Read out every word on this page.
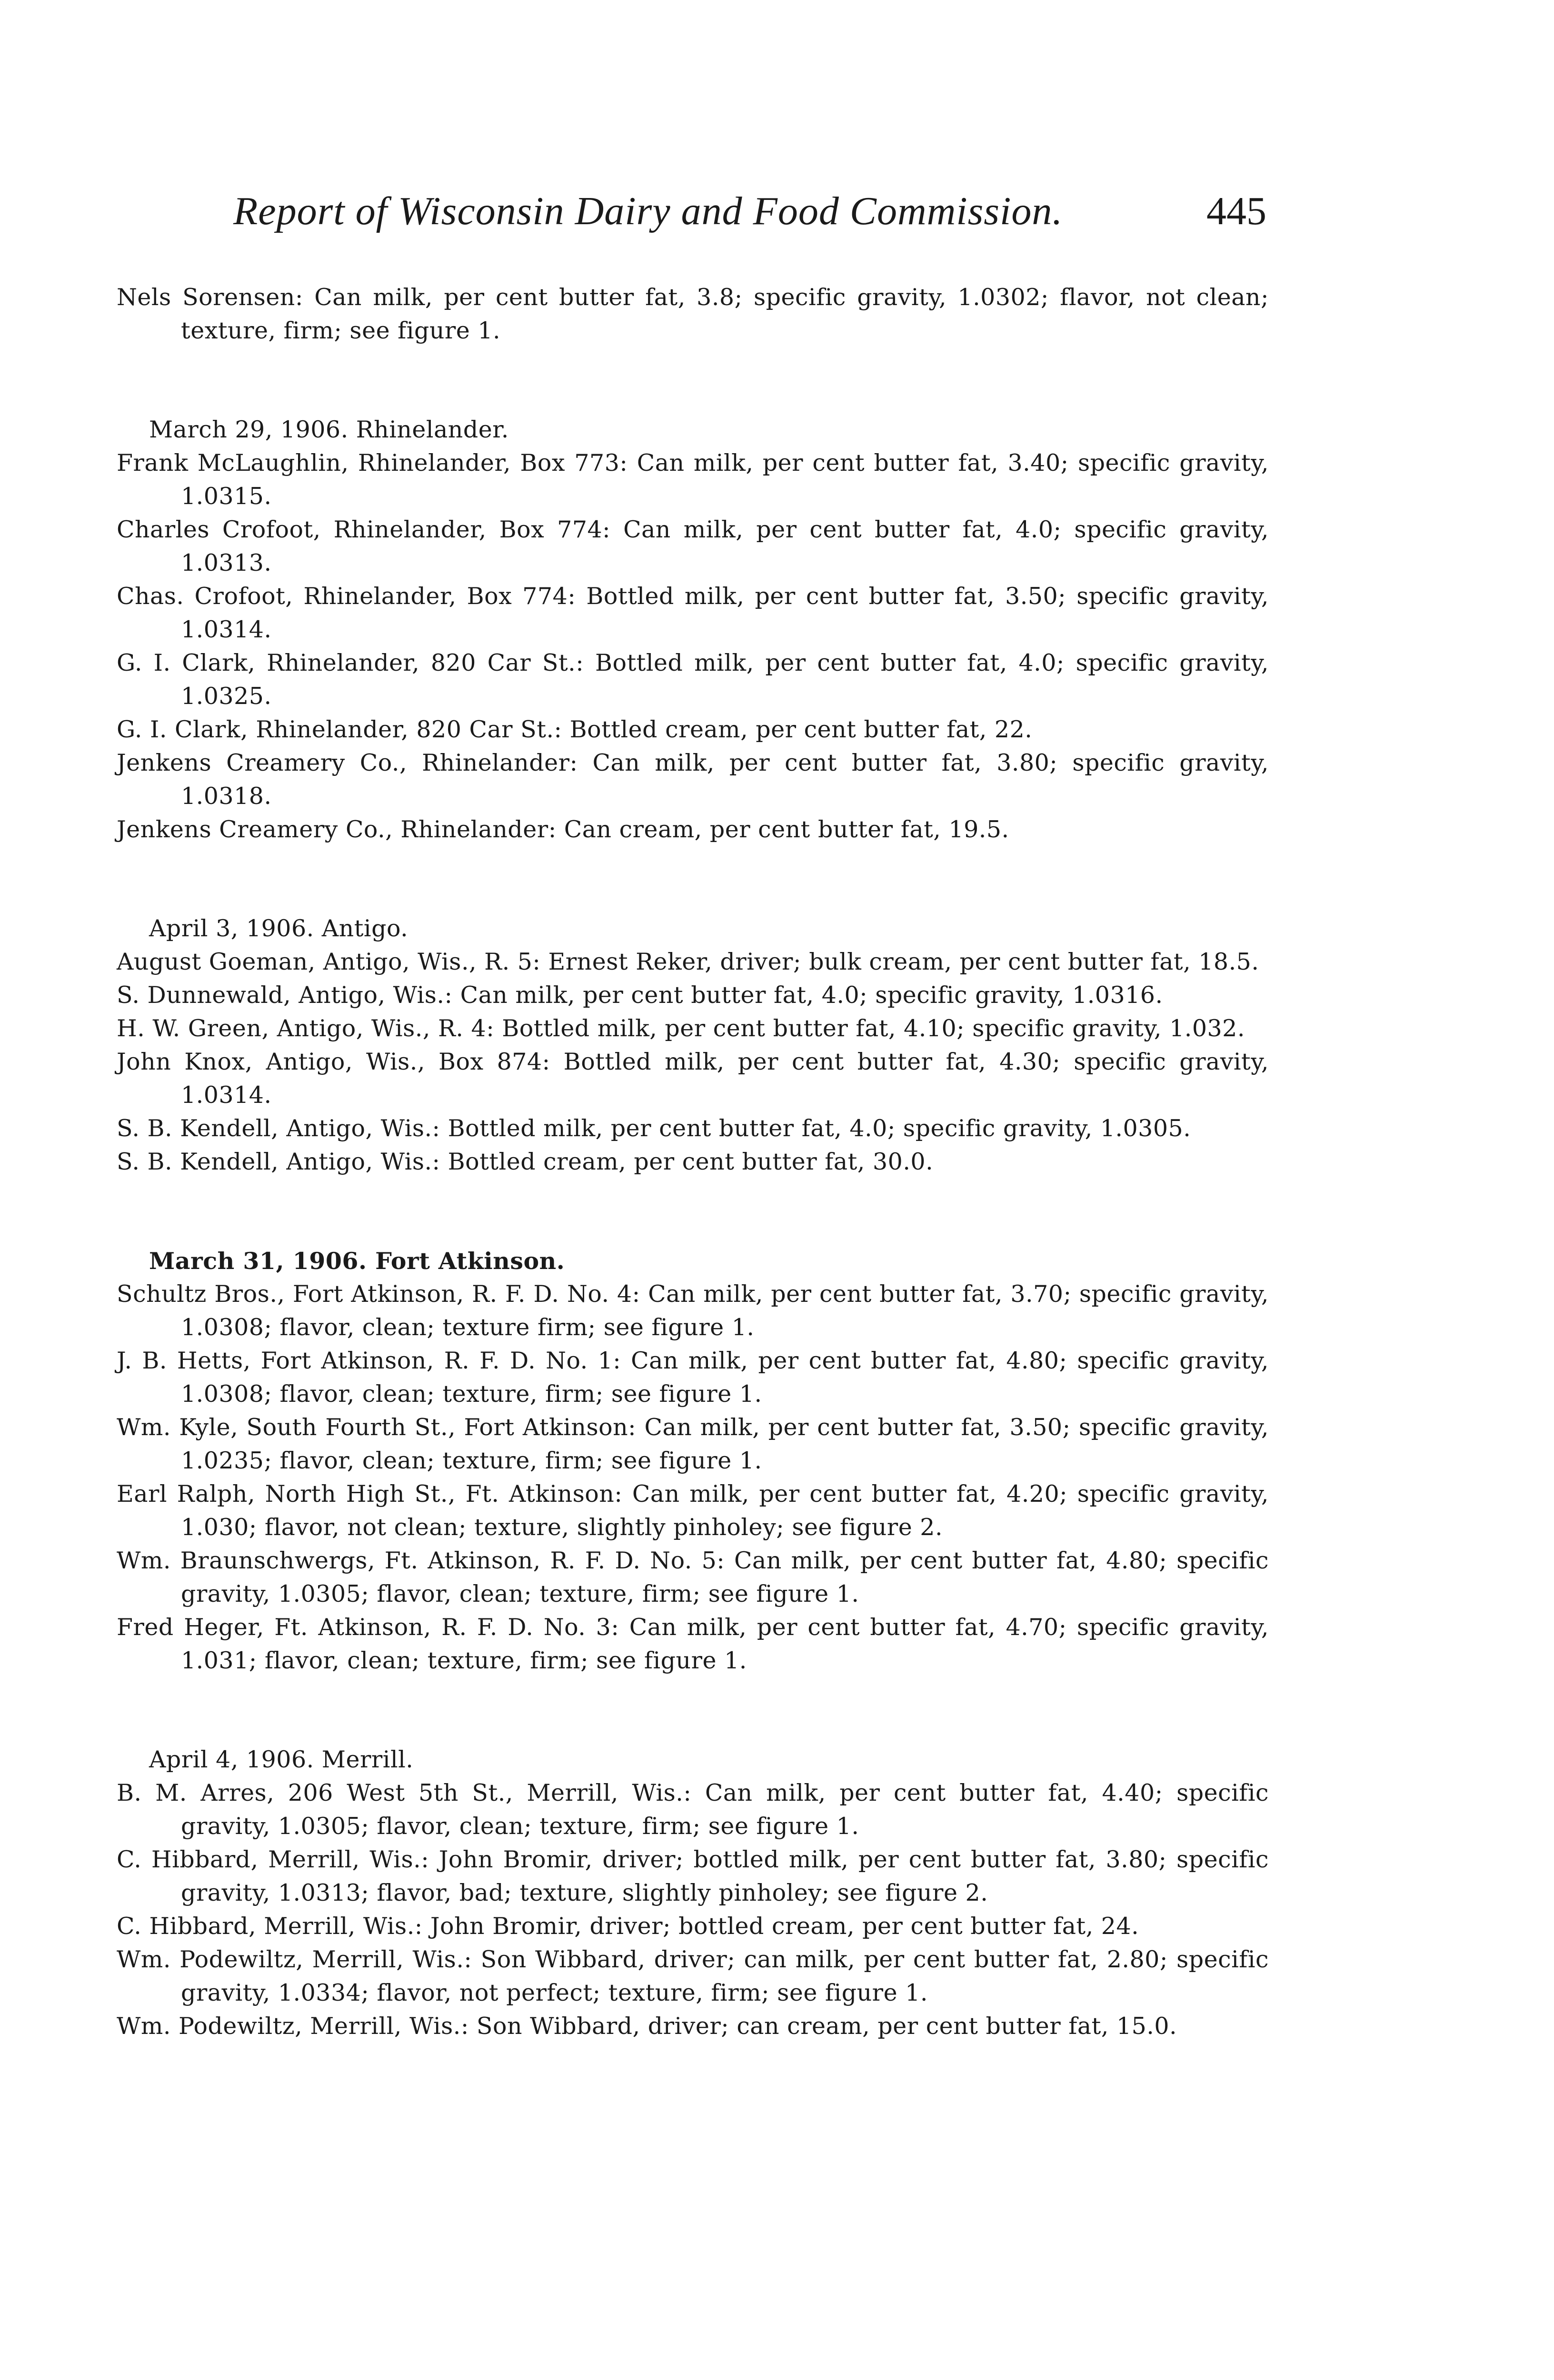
Report of Wisconsin Dairy and Food Commission.	445

Nels Sorensen: Can milk, per cent butter fat, 3.8; specific gravity, 1.0302; flavor, not clean; texture, firm; see figure 1.

March 29, 1906. Rhinelander.

Frank McLaughlin, Rhinelander, Box 773: Can milk, per cent butter fat, 3.40; specific gravity, 1.0315.

Charles Crofoot, Rhinelander, Box 774: Can milk, per cent butter fat, 4.0; specific gravity, 1.0313.

Chas. Crofoot, Rhinelander, Box 774: Bottled milk, per cent butter fat, 3.50; specific gravity, 1.0314.

G. I. Clark, Rhinelander, 820 Car St.: Bottled milk, per cent butter fat, 4.0; specific gravity, 1.0325.

G. I. Clark, Rhinelander, 820 Car St.: Bottled cream, per cent butter fat, 22.

Jenkens Creamery Co., Rhinelander: Can milk, per cent butter fat, 3.80; specific gravity, 1.0318.

Jenkens Creamery Co., Rhinelander: Can cream, per cent butter fat, 19.5.

April 3, 1906. Antigo.

August Goeman, Antigo, Wis., R. 5: Ernest Reker, driver; bulk cream, per cent butter fat, 18.5.

S. Dunnewald, Antigo, Wis.: Can milk, per cent butter fat, 4.0; specific gravity, 1.0316.

H. W. Green, Antigo, Wis., R. 4: Bottled milk, per cent butter fat, 4.10; specific gravity, 1.032.

John Knox, Antigo, Wis., Box 874: Bottled milk, per cent butter fat, 4.30; specific gravity, 1.0314.

S. B. Kendell, Antigo, Wis.: Bottled milk, per cent butter fat, 4.0; specific gravity, 1.0305.

S. B. Kendell, Antigo, Wis.: Bottled cream, per cent butter fat, 30.0.

March 31, 1906. Fort Atkinson.

Schultz Bros., Fort Atkinson, R. F. D. No. 4: Can milk, per cent butter fat, 3.70; specific gravity, 1.0308; flavor, clean; texture firm; see figure 1.

J. B. Hetts, Fort Atkinson, R. F. D. No. 1: Can milk, per cent butter fat, 4.80; specific gravity, 1.0308; flavor, clean; texture, firm; see figure 1.

Wm. Kyle, South Fourth St., Fort Atkinson: Can milk, per cent butter fat, 3.50; specific gravity, 1.0235; flavor, clean; texture, firm; see figure 1.

Earl Ralph, North High St., Ft. Atkinson: Can milk, per cent butter fat, 4.20; specific gravity, 1.030; flavor, not clean; texture, slightly pinholey; see figure 2.

Wm. Braunschwergs, Ft. Atkinson, R. F. D. No. 5: Can milk, per cent butter fat, 4.80; specific gravity, 1.0305; flavor, clean; texture, firm; see figure 1.

Fred Heger, Ft. Atkinson, R. F. D. No. 3: Can milk, per cent butter fat, 4.70; specific gravity, 1.031; flavor, clean; texture, firm; see figure 1.

April 4, 1906. Merrill.

B. M. Arres, 206 West 5th St., Merrill, Wis.: Can milk, per cent butter fat, 4.40; specific gravity, 1.0305; flavor, clean; texture, firm; see figure 1.

C. Hibbard, Merrill, Wis.: John Bromir, driver; bottled milk, per cent butter fat, 3.80; specific gravity, 1.0313; flavor, bad; texture, slightly pinholey; see figure 2.

C. Hibbard, Merrill, Wis.: John Bromir, driver; bottled cream, per cent butter fat, 24.

Wm. Podewiltz, Merrill, Wis.: Son Wibbard, driver; can milk, per cent butter fat, 2.80; specific gravity, 1.0334; flavor, not perfect; texture, firm; see figure 1.

Wm. Podewiltz, Merrill, Wis.: Son Wibbard, driver; can cream, per cent butter fat, 15.0.
